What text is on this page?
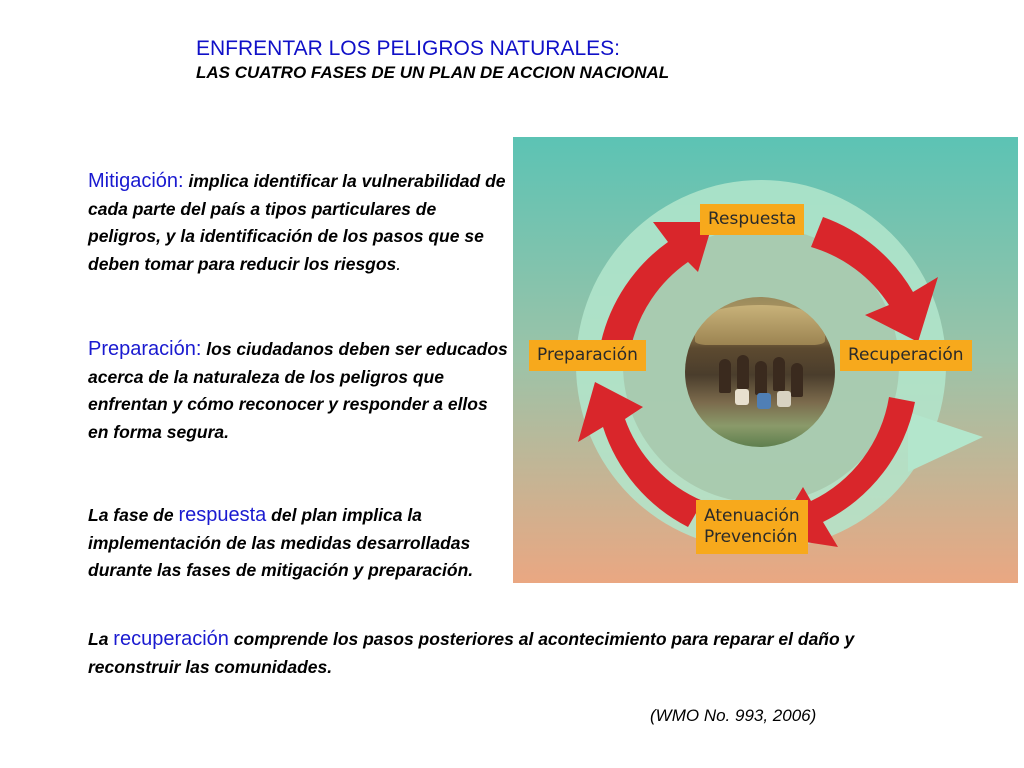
ENFRENTAR LOS PELIGROS NATURALES:
LAS CUATRO FASES DE UN PLAN DE ACCION NACIONAL
Mitigación: implica identificar la vulnerabilidad de cada parte del país a tipos particulares de peligros, y la identificación de los pasos que se deben tomar para reducir los riesgos.
Preparación: los ciudadanos deben ser educados acerca de la naturaleza de los peligros que enfrentan y cómo reconocer y responder a ellos en forma segura.
La fase de respuesta del plan implica la implementación de las medidas desarrolladas durante las fases de mitigación y preparación.
La recuperación comprende los pasos posteriores al acontecimiento para reparar el daño y reconstruir las comunidades.
(WMO No. 993, 2006)
Respuesta
Recuperación
Preparación
Atenuación
Prevención
